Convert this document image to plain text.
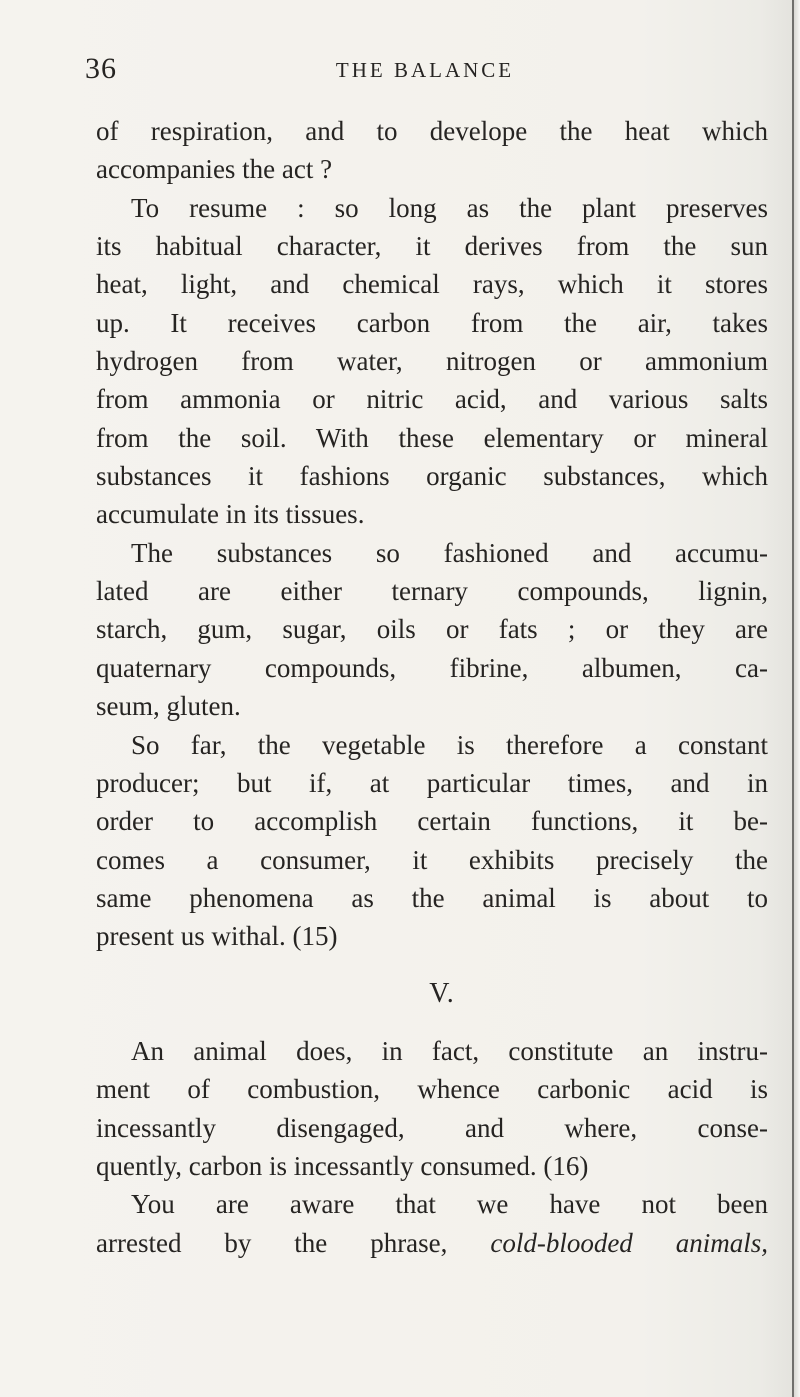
36	THE BALANCE
of respiration, and to develope the heat which
accompanies the act ?
To resume : so long as the plant preserves
its habitual character, it derives from the sun
heat, light, and chemical rays, which it stores
up. It receives carbon from the air, takes
hydrogen from water, nitrogen or ammonium
from ammonia or nitric acid, and various salts
from the soil. With these elementary or mineral
substances it fashions organic substances, which
accumulate in its tissues.
The substances so fashioned and accumu-
lated are either ternary compounds, lignin,
starch, gum, sugar, oils or fats ; or they are
quaternary compounds, fibrine, albumen, ca-
seum, gluten.
So far, the vegetable is therefore a constant
producer; but if, at particular times, and in
order to accomplish certain functions, it be-
comes a consumer, it exhibits precisely the
same phenomena as the animal is about to
present us withal. (15)
V.
An animal does, in fact, constitute an instru-
ment of combustion, whence carbonic acid is
incessantly disengaged, and where, conse-
quently, carbon is incessantly consumed. (16)
You are aware that we have not been
arrested by the phrase, cold-blooded animals,
